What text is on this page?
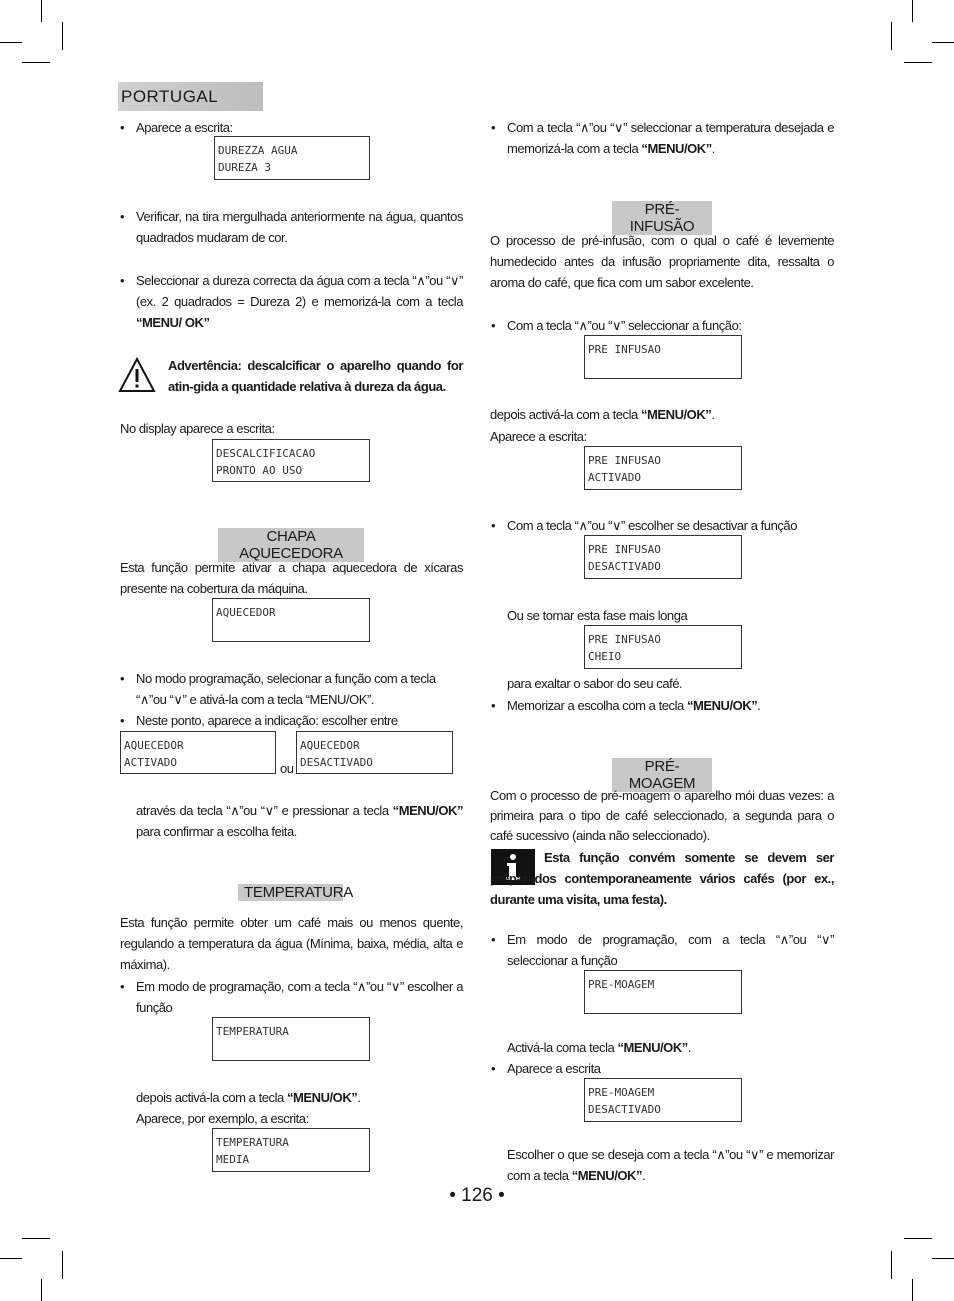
PORTUGAL
• Aparece a escrita:
DUREZZA AGUA
DUREZA 3
• Verificar, na tira mergulhada anteriormente na água, quantos quadrados mudaram de cor.
• Seleccionar a dureza correcta da água com a tecla “∧”ou “∨” (ex. 2 quadrados = Dureza 2) e memorizá-la com a tecla “MENU/ OK”
Advertência: descalcificar o aparelho quando for atin-gida a quantidade relativa à dureza da água.
No display aparece a escrita:
DESCALCIFICACAO
PRONTO AO USO
CHAPA AQUECEDORA
Esta função permite ativar a chapa aquecedora de xícaras presente na cobertura da máquina.
AQUECEDOR

• No modo programação, selecionar a função com a tecla “∧”ou “∨” e ativá-la com a tecla “MENU/OK”.
• Neste ponto, aparece a indicação: escolher entre
AQUECEDOR
ACTIVADO	ou
AQUECEDOR
DESACTIVADO
através da tecla “∧”ou “∨” e pressionar a tecla “MENU/OK” para confirmar a escolha feita.
TEMPERATURA
Esta função permite obter um café mais ou menos quente, regulando a temperatura da água (Mínima, baixa, média, alta e máxima).
• Em modo de programação, com a tecla “∧”ou “∨” escolher a função
TEMPERATURA

depois activá-la com a tecla “MENU/OK”.
Aparece, por exemplo, a escrita:
TEMPERATURA
MEDIA
• Com a tecla “∧”ou “∨” seleccionar a temperatura desejada e memorizá-la com a tecla “MENU/OK”.
PRÉ-INFUSÃO
O processo de pré-infusão, com o qual o café é levemente humedecido antes da infusão propriamente dita, ressalta o aroma do café, que fica com um sabor excelente.
• Com a tecla “∧”ou “∨” seleccionar a função:
PRE INFUSAO

depois activá-la com a tecla “MENU/OK”.
Aparece a escrita:
PRE INFUSAO
ACTIVADO
• Com a tecla “∧”ou “∨” escolher se desactivar a função
PRE INFUSAO
DESACTIVADO
Ou se tornar esta fase mais longa
PRE INFUSAO
CHEIO
para exaltar o sabor do seu café.
• Memorizar a escolha com a tecla “MENU/OK”.
PRÉ-MOAGEM
Com o processo de pré-moagem o aparelho mói duas vezes: a primeira para o tipo de café seleccionado, a segunda para o café sucessivo (ainda não seleccionado).
Esta função convém somente se devem ser preparados contemporaneamente vários cafés (por ex., durante uma visita, uma festa).
• Em modo de programação, com a tecla “∧”ou “∨” seleccionar a função
PRE-MOAGEM

Activá-la coma tecla “MENU/OK”.
• Aparece a escrita
PRE-MOAGEM
DESACTIVADO
Escolher o que se deseja com a tecla “∧”ou “∨” e memorizar com a tecla “MENU/OK”.
• 126 •
